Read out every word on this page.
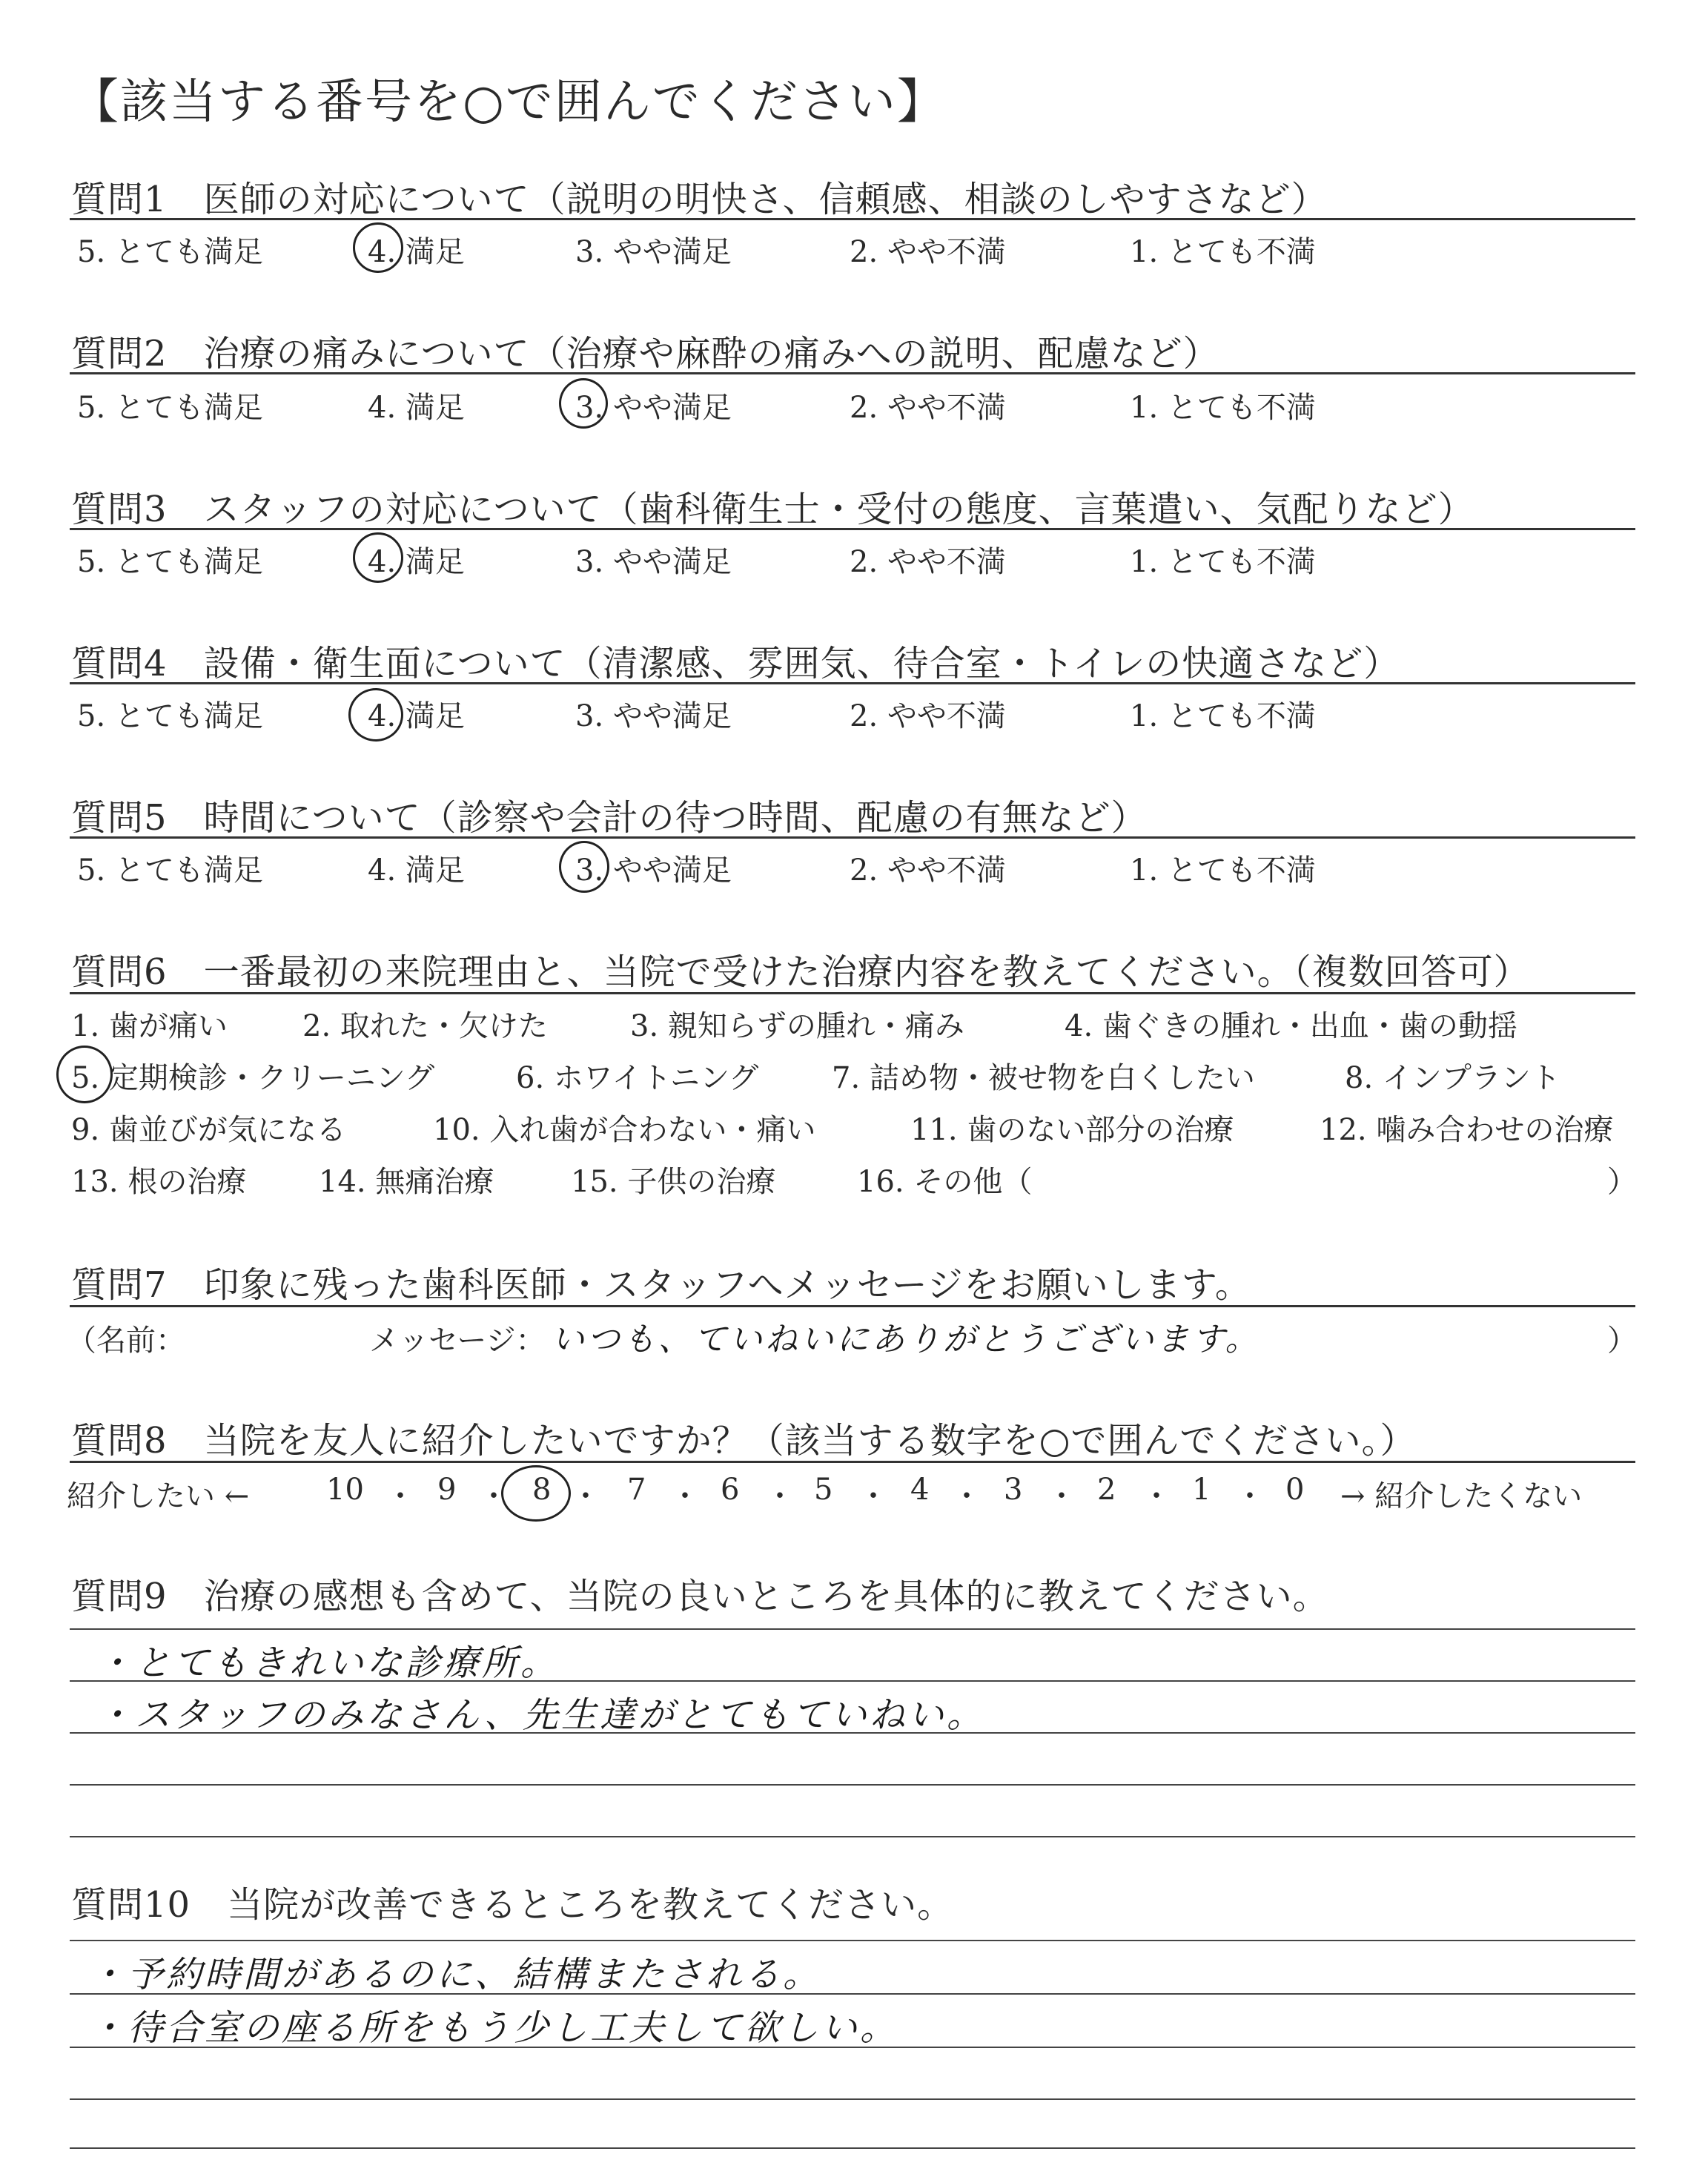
【該当する番号を○で囲んでください】
質問1　 医師の対応について（説明の明快さ、信頼感、相談のしやすさなど）
5. とても満足	4. 満足	3. やや満足	2. やや不満	1. とても不満
質問2　 治療の痛みについて（治療や麻酔の痛みへの説明、配慮など）
5. とても満足	4. 満足	3. やや満足	2. やや不満	1. とても不満
質問3　 スタッフの対応について（歯科衛生士・受付の態度、言葉遣い、気配りなど）
5. とても満足	4. 満足	3. やや満足	2. やや不満	1. とても不満
質問4　 設備・衛生面について（清潔感、雰囲気、待合室・トイレの快適さなど）
5. とても満足	4. 満足	3. やや満足	2. やや不満	1. とても不満
質問5　 時間について（診察や会計の待つ時間、配慮の有無など）
5. とても満足	4. 満足	3. やや満足	2. やや不満	1. とても不満
質問6　 一番最初の来院理由と、当院で受けた治療内容を教えてください。（複数回答可）
1. 歯が痛い	2. 取れた・欠けた	3. 親知らずの腫れ・痛み	4. 歯ぐきの腫れ・出血・歯の動揺
5. 定期検診・クリーニング	6. ホワイトニング 7. 詰め物・被せ物を白くしたい	8. インプラント
9. 歯並びが気になる	10. 入れ歯が合わない・痛い	11. 歯のない部分の治療	12. 噛み合わせの治療
13. 根の治療 14. 無痛治療	15. 子供の治療	16. その他（	）
質問7　 印象に残った歯科医師・スタッフへメッセージをお願いします。
（名前：	メッセージ： いつも、ていねいにありがとうございます。	）
質問8　 当院を友人に紹介したいですか？（該当する数字を○で囲んでください。）
紹介したい ←	10 ・ 9 ・ 8 ・ 7 ・ 6 ・ 5 ・ 4 ・ 3 ・ 2 ・ 1 ・ 0 → 紹介したくない
質問9　 治療の感想も含めて、当院の良いところを具体的に教えてください。
・とてもきれいな診療所。
・スタッフのみなさん、先生達がとてもていねい。
質問10　 当院が改善できるところを教えてください。
・予約時間があるのに、結構またされる。
・待合室の座る所をもう少し工夫して欲しい。
